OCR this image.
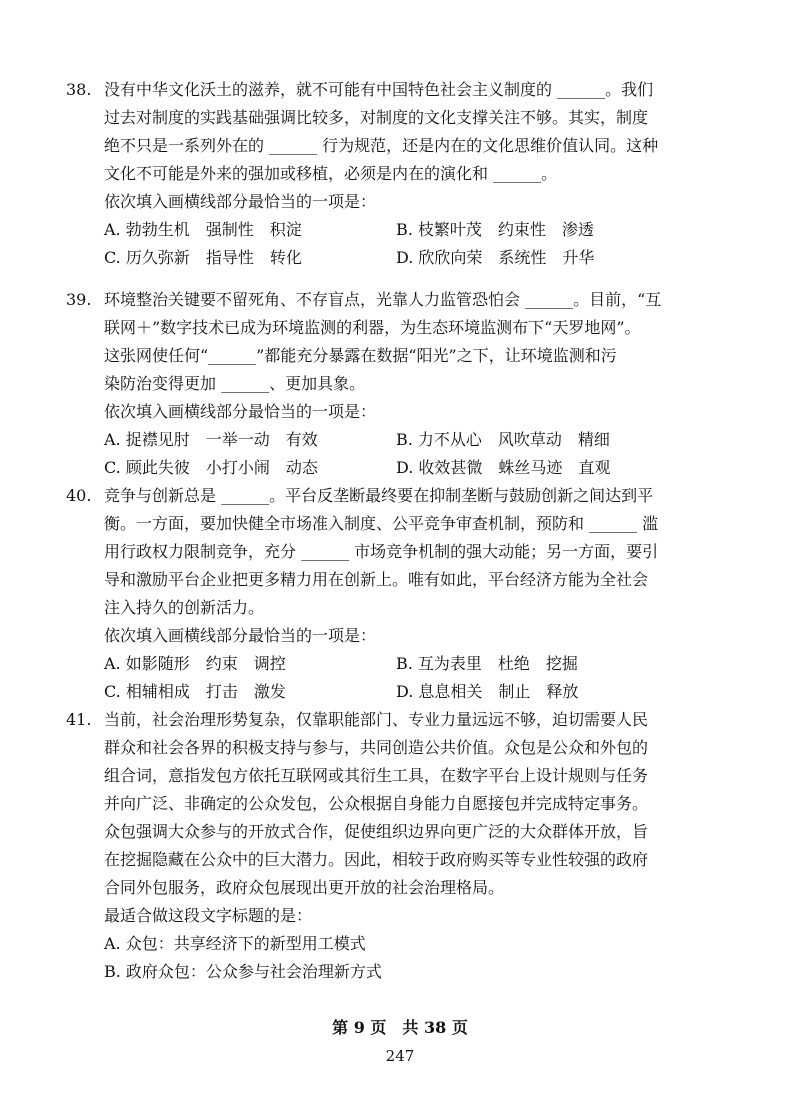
38. 没有中华文化沃土的滋养，就不可能有中国特色社会主义制度的 ______。我们
过去对制度的实践基础强调比较多，对制度的文化支撑关注不够。其实，制度
绝不只是一系列外在的 ______ 行为规范，还是内在的文化思维价值认同。这种
文化不可能是外来的强加或移植，必须是内在的演化和 ______。
依次填入画横线部分最恰当的一项是：
A. 勃勃生机　强制性　积淀	B. 枝繁叶茂　约束性　渗透
C. 历久弥新　指导性　转化	D. 欣欣向荣　系统性　升华
39. 环境整治关键要不留死角、不存盲点，光靠人力监管恐怕会 ______。目前，“互
联网＋”数字技术已成为环境监测的利器，为生态环境监测布下“天罗地网”。
这张网使任何“______”都能充分暴露在数据“阳光”之下，让环境监测和污
染防治变得更加 ______、更加具象。
依次填入画横线部分最恰当的一项是：
A. 捉襟见肘　一举一动　有效	B. 力不从心　风吹草动　精细
C. 顾此失彼　小打小闹　动态	D. 收效甚微　蛛丝马迹　直观
40. 竞争与创新总是 ______。平台反垄断最终要在抑制垄断与鼓励创新之间达到平
衡。一方面，要加快健全市场准入制度、公平竞争审查机制，预防和 ______ 滥
用行政权力限制竞争，充分 ______ 市场竞争机制的强大动能；另一方面，要引
导和激励平台企业把更多精力用在创新上。唯有如此，平台经济方能为全社会
注入持久的创新活力。
依次填入画横线部分最恰当的一项是：
A. 如影随形　约束　调控	B. 互为表里　杜绝　挖掘
C. 相辅相成　打击　激发	D. 息息相关　制止　释放
41. 当前，社会治理形势复杂，仅靠职能部门、专业力量远远不够，迫切需要人民
群众和社会各界的积极支持与参与，共同创造公共价值。众包是公众和外包的
组合词，意指发包方依托互联网或其衍生工具，在数字平台上设计规则与任务
并向广泛、非确定的公众发包，公众根据自身能力自愿接包并完成特定事务。
众包强调大众参与的开放式合作，促使组织边界向更广泛的大众群体开放，旨
在挖掘隐藏在公众中的巨大潜力。因此，相较于政府购买等专业性较强的政府
合同外包服务，政府众包展现出更开放的社会治理格局。
最适合做这段文字标题的是：
A. 众包：共享经济下的新型用工模式
B. 政府众包：公众参与社会治理新方式
第 9 页　共 38 页
247
